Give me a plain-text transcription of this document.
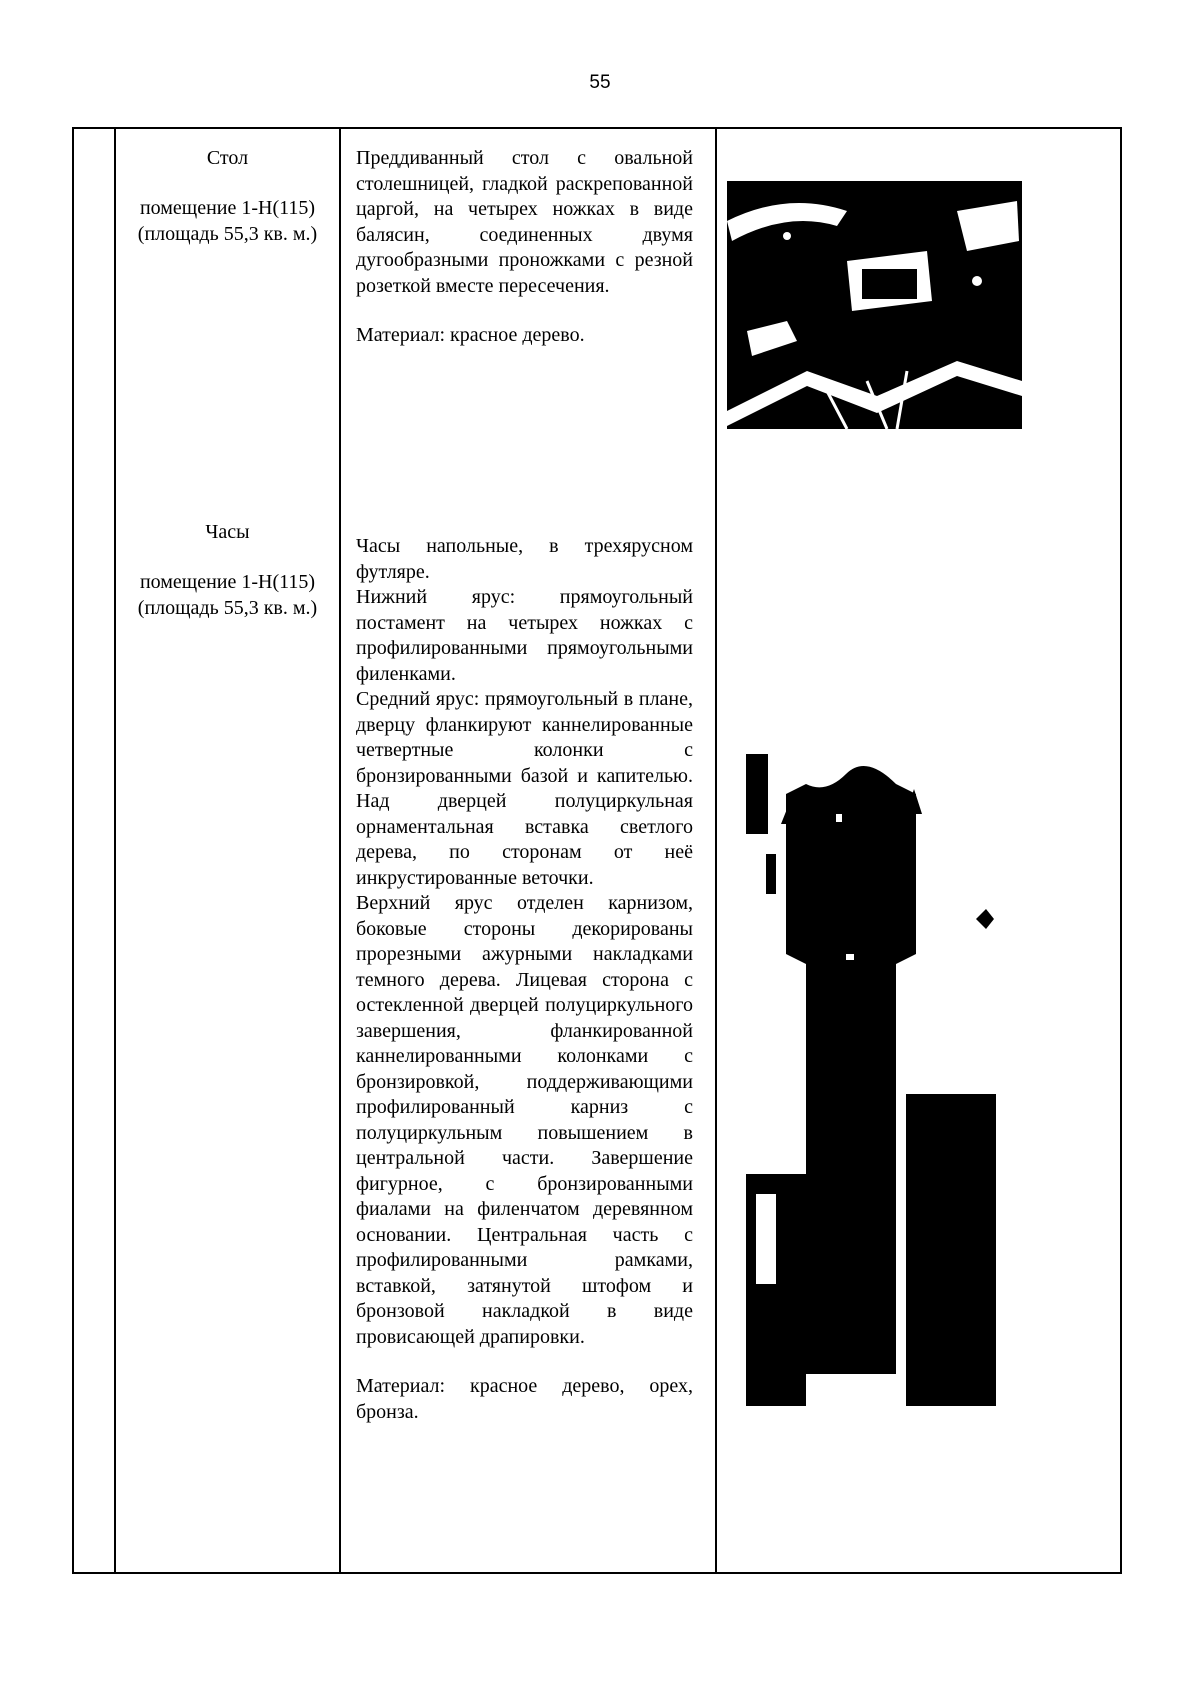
55
Стол
помещение 1-Н(115)
(площадь 55,3 кв. м.)

Преддиванный стол с овальной столешницей, гладкой раскрепованной царгой, на четырех ножках в виде балясин, соединенных двумя дугообразными проножками с резной розеткой вместе пересечения.

Материал: красное дерево.

Часы
помещение 1-Н(115)
(площадь 55,3 кв. м.)

Часы напольные, в трехярусном футляре.

Нижний ярус: прямоугольный постамент на четырех ножках с профилированными прямоугольными филенками.

Средний ярус: прямоугольный в плане, дверцу фланкируют каннелированные четвертные колонки с бронзированными базой и капителью. Над дверцей полуциркульная орнаментальная вставка светлого дерева, по сторонам от неё инкрустированные веточки.

Верхний ярус отделен карнизом, боковые стороны декорированы прорезными ажурными накладками темного дерева. Лицевая сторона с остекленной дверцей полуциркульного завершения, фланкированной каннелированными колонками с бронзировкой, поддерживающими профилированный карниз с полуциркульным повышением в центральной части. Завершение фигурное, с бронзированными фиалами на филенчатом деревянном основании. Центральная часть с профилированными рамками, вставкой, затянутой штофом и бронзовой накладкой в виде провисающей драпировки.

Материал: красное дерево, орех, бронза.
